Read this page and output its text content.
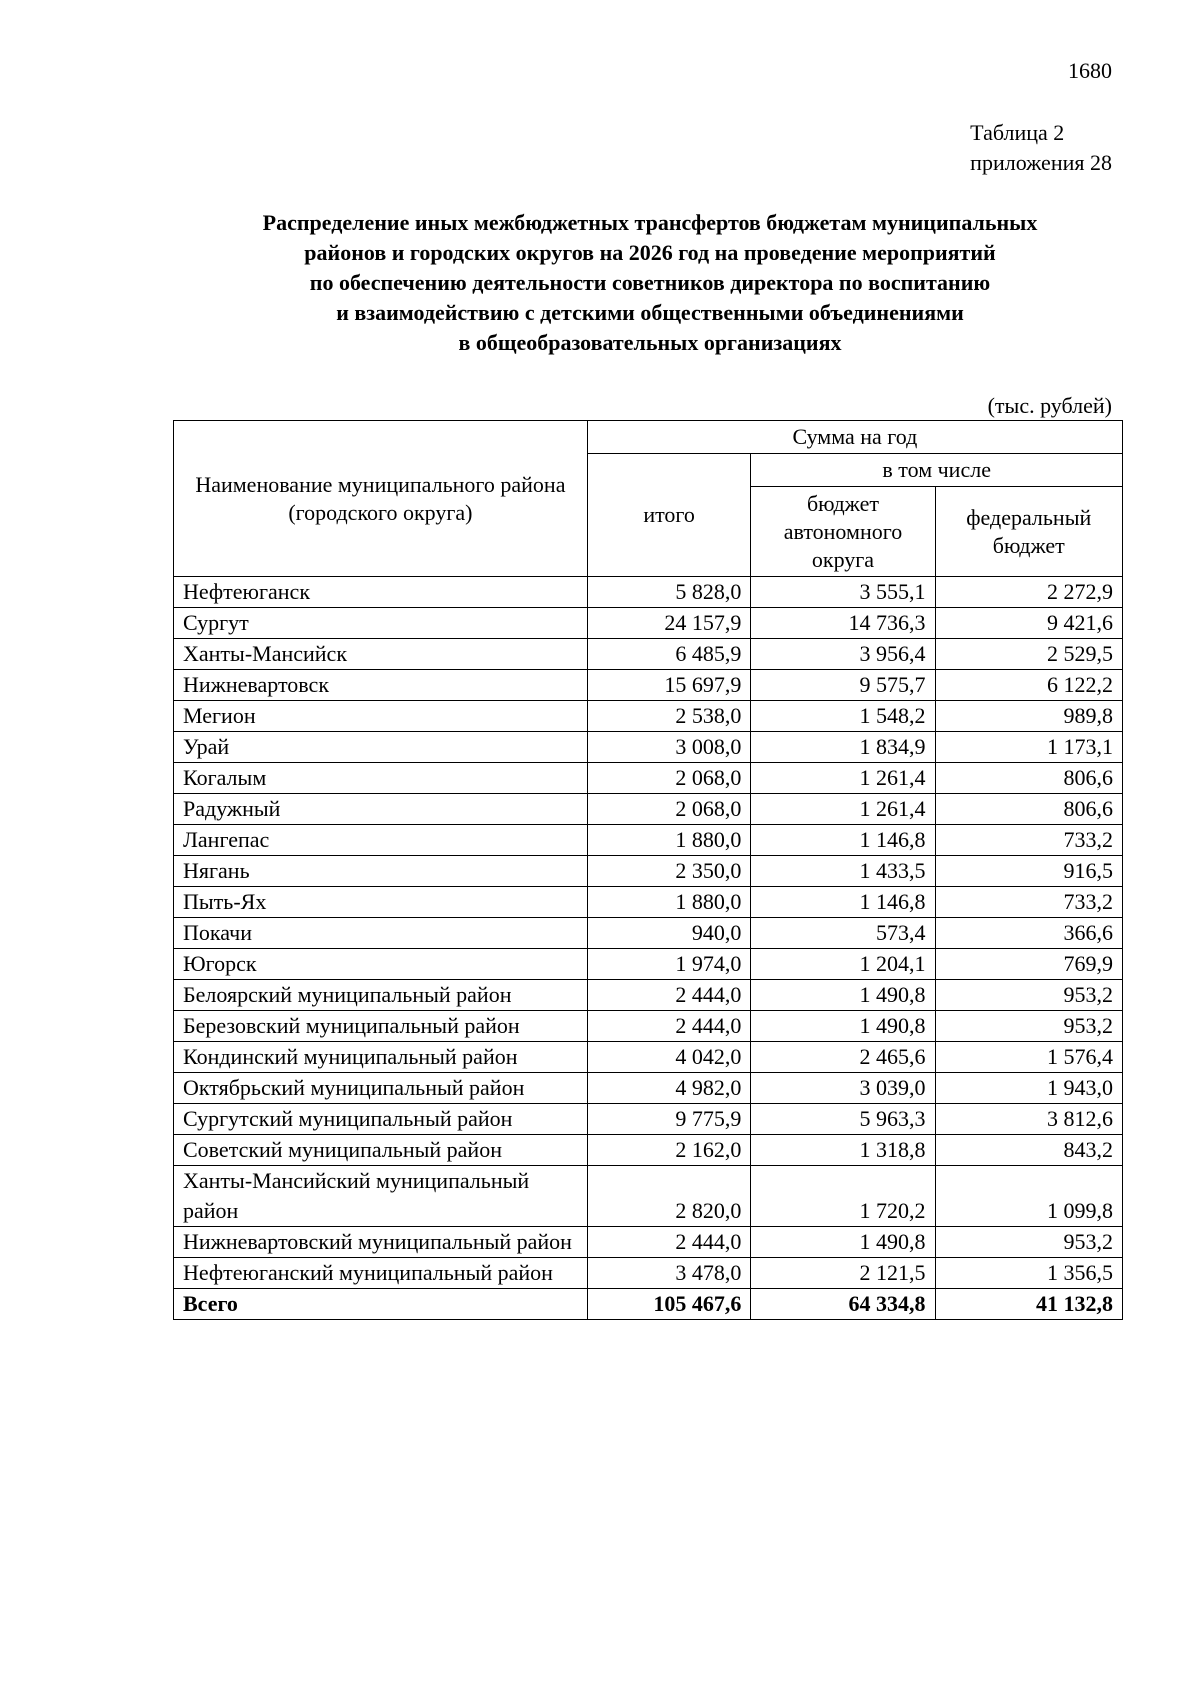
1680
Таблица 2
приложения 28
Распределение иных межбюджетных трансфертов бюджетам муниципальных
районов и городских округов на 2026 год на проведение мероприятий
по обеспечению деятельности советников директора по воспитанию
и взаимодействию с детскими общественными объединениями
в общеобразовательных организациях
(тыс. рублей)
Наименование муниципального района (городского округа)	Сумма на год		
	итого	в том числе	
		бюджет автономного округа	федеральный бюджет
Нефтеюганск	5 828,0	3 555,1	2 272,9
Сургут	24 157,9	14 736,3	9 421,6
Ханты-Мансийск	6 485,9	3 956,4	2 529,5
Нижневартовск	15 697,9	9 575,7	6 122,2
Мегион	2 538,0	1 548,2	989,8
Урай	3 008,0	1 834,9	1 173,1
Когалым	2 068,0	1 261,4	806,6
Радужный	2 068,0	1 261,4	806,6
Лангепас	1 880,0	1 146,8	733,2
Нягань	2 350,0	1 433,5	916,5
Пыть-Ях	1 880,0	1 146,8	733,2
Покачи	940,0	573,4	366,6
Югорск	1 974,0	1 204,1	769,9
Белоярский муниципальный район	2 444,0	1 490,8	953,2
Березовский муниципальный район	2 444,0	1 490,8	953,2
Кондинский муниципальный район	4 042,0	2 465,6	1 576,4
Октябрьский муниципальный район	4 982,0	3 039,0	1 943,0
Сургутский муниципальный район	9 775,9	5 963,3	3 812,6
Советский муниципальный район	2 162,0	1 318,8	843,2
Ханты-Мансийский муниципальный район	2 820,0	1 720,2	1 099,8
Нижневартовский муниципальный район	2 444,0	1 490,8	953,2
Нефтеюганский муниципальный район	3 478,0	2 121,5	1 356,5
Всего	105 467,6	64 334,8	41 132,8
